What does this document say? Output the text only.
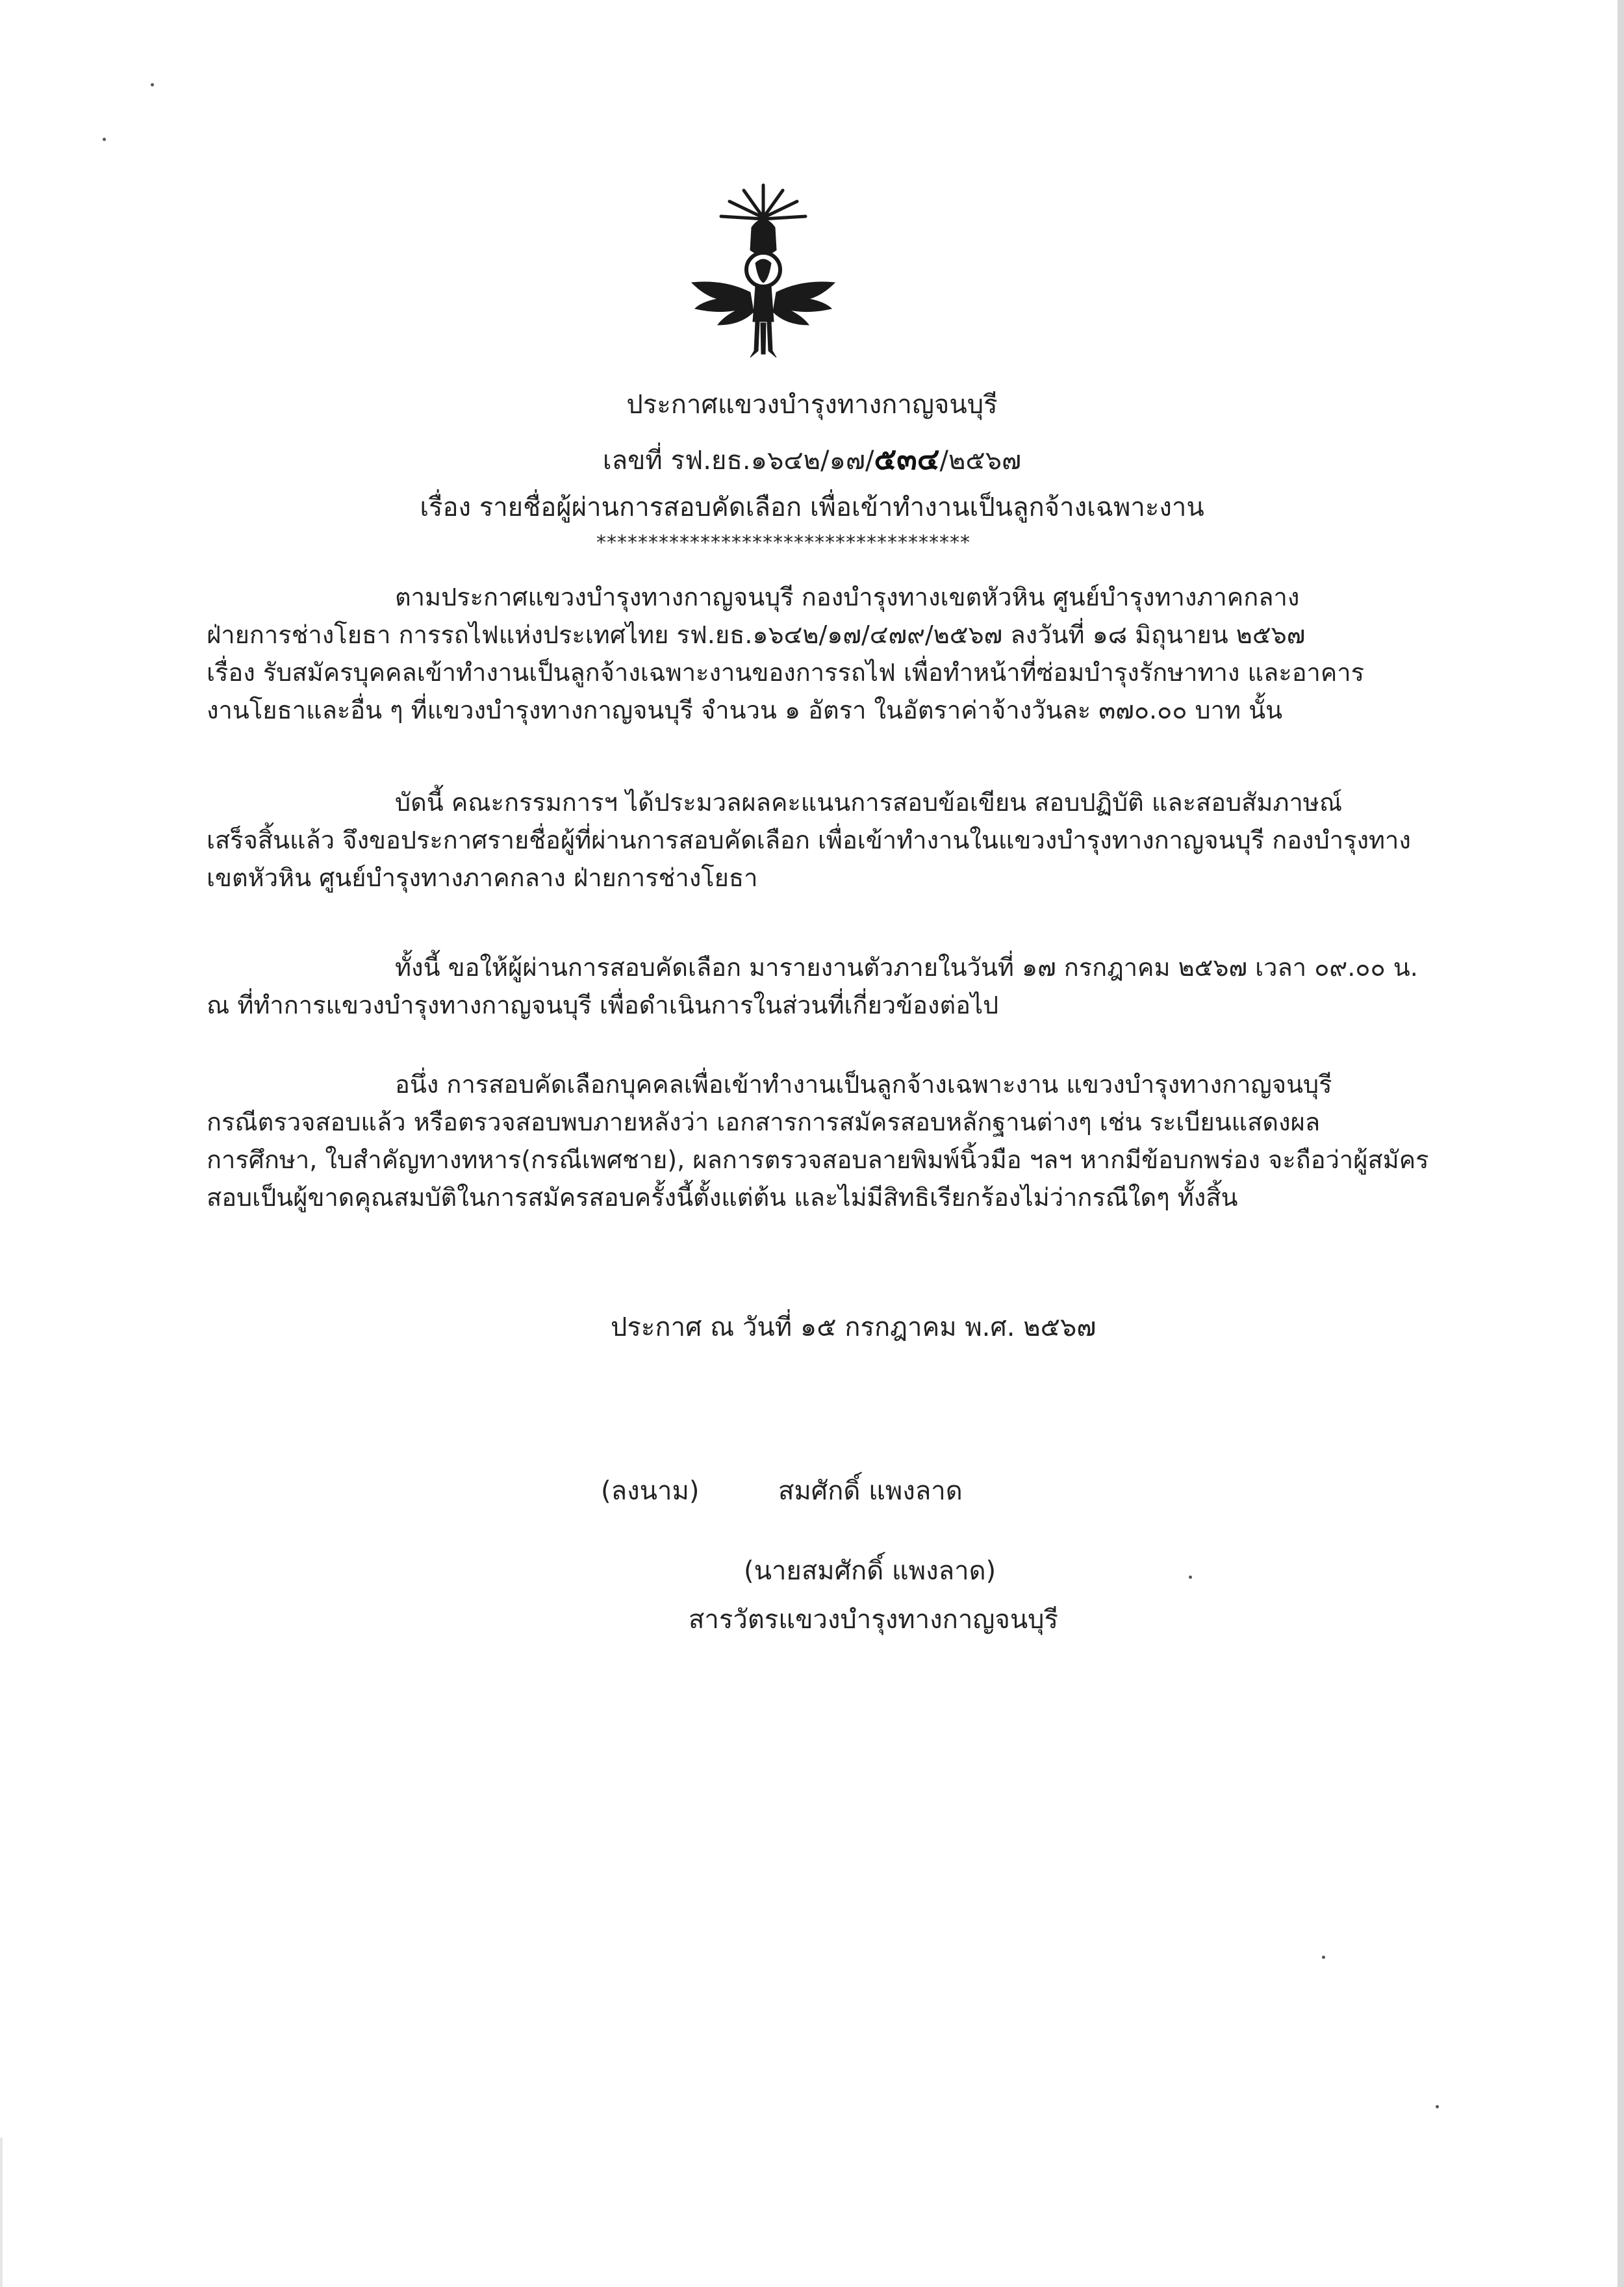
ประกาศแขวงบำรุงทางกาญจนบุรี
เลขที่ รฟ.ยธ.๑๖๔๒/๑๗/๕๓๔/๒๕๖๗
เรื่อง รายชื่อผู้ผ่านการสอบคัดเลือก เพื่อเข้าทำงานเป็นลูกจ้างเฉพาะงาน
************************************
ตามประกาศแขวงบำรุงทางกาญจนบุรี กองบำรุงทางเขตหัวหิน ศูนย์บำรุงทางภาคกลาง
ฝ่ายการช่างโยธา การรถไฟแห่งประเทศไทย รฟ.ยธ.๑๖๔๒/๑๗/๔๗๙/๒๕๖๗ ลงวันที่ ๑๘ มิถุนายน ๒๕๖๗
เรื่อง รับสมัครบุคคลเข้าทำงานเป็นลูกจ้างเฉพาะงานของการรถไฟ เพื่อทำหน้าที่ซ่อมบำรุงรักษาทาง และอาคาร
งานโยธาและอื่น ๆ ที่แขวงบำรุงทางกาญจนบุรี จำนวน ๑ อัตรา ในอัตราค่าจ้างวันละ ๓๗๐.๐๐ บาท นั้น
บัดนี้ คณะกรรมการฯ ได้ประมวลผลคะแนนการสอบข้อเขียน สอบปฏิบัติ และสอบสัมภาษณ์
เสร็จสิ้นแล้ว จึงขอประกาศรายชื่อผู้ที่ผ่านการสอบคัดเลือก เพื่อเข้าทำงานในแขวงบำรุงทางกาญจนบุรี กองบำรุงทาง
เขตหัวหิน ศูนย์บำรุงทางภาคกลาง ฝ่ายการช่างโยธา
ทั้งนี้ ขอให้ผู้ผ่านการสอบคัดเลือก มารายงานตัวภายในวันที่ ๑๗ กรกฎาคม ๒๕๖๗ เวลา ๐๙.๐๐ น.
ณ ที่ทำการแขวงบำรุงทางกาญจนบุรี เพื่อดำเนินการในส่วนที่เกี่ยวข้องต่อไป
อนึ่ง การสอบคัดเลือกบุคคลเพื่อเข้าทำงานเป็นลูกจ้างเฉพาะงาน แขวงบำรุงทางกาญจนบุรี
กรณีตรวจสอบแล้ว หรือตรวจสอบพบภายหลังว่า เอกสารการสมัครสอบหลักฐานต่างๆ เช่น ระเบียนแสดงผล
การศึกษา, ใบสำคัญทางทหาร(กรณีเพศชาย), ผลการตรวจสอบลายพิมพ์นิ้วมือ ฯลฯ หากมีข้อบกพร่อง จะถือว่าผู้สมัคร
สอบเป็นผู้ขาดคุณสมบัติในการสมัครสอบครั้งนี้ตั้งแต่ต้น และไม่มีสิทธิเรียกร้องไม่ว่ากรณีใดๆ ทั้งสิ้น
ประกาศ ณ วันที่ ๑๕ กรกฎาคม พ.ศ. ๒๕๖๗
(ลงนาม)	สมศักดิ์ แพงลาด
(นายสมศักดิ์ แพงลาด)
สารวัตรแขวงบำรุงทางกาญจนบุรี
